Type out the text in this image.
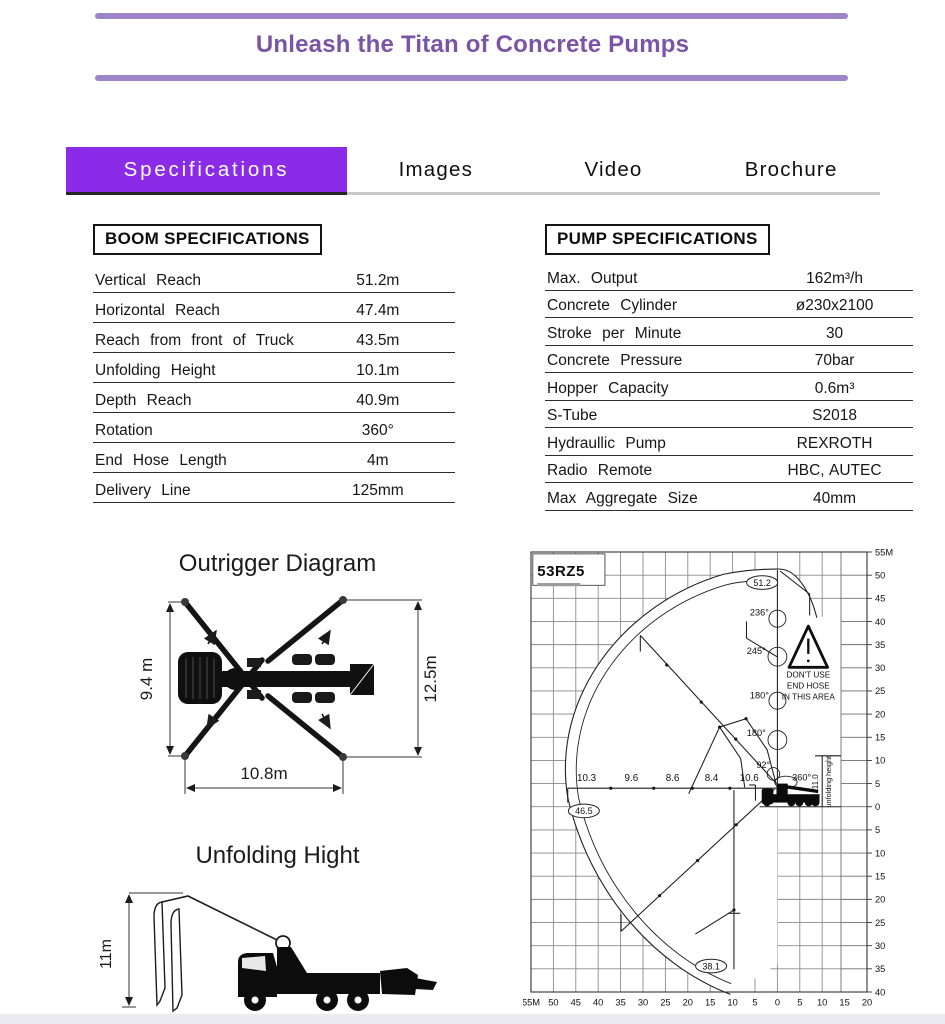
Unleash the Titan of Concrete Pumps
Specifications	Images	Video	Brochure
BOOM SPECIFICATIONS
Vertical Reach	51.2m
Horizontal Reach	47.4m
Reach from front of Truck	43.5m
Unfolding Height	10.1m
Depth Reach	40.9m
Rotation	360°
End Hose Length	4m
Delivery Line	125mm
PUMP SPECIFICATIONS
Max. Output	162m³/h
Concrete Cylinder	ø230x2100
Stroke per Minute	30
Concrete Pressure	70bar
Hopper Capacity	0.6m³
S-Tube	S2018
Hydraullic Pump	REXROTH
Radio Remote	HBC, AUTEC
Max Aggregate Size	40mm
Outrigger Diagram
9.4 m	12.5m
10.8m
Unfolding Hight
11m
236°
245°
180°
180°
92°
360°
51.2
46.5
38.1
10.3	9.6	8.6	8.4 10.6
DON'T USE
END HOSE
IN THIS AREA
11.0 unfolding height
55M
50
45
40
35
30
25
20
15
10
5
0
5
10
15
20
25
30
35
40
55M 50 45 40 35 30 25 20 15 10 5 0 5 10 15 20
53RZ5
